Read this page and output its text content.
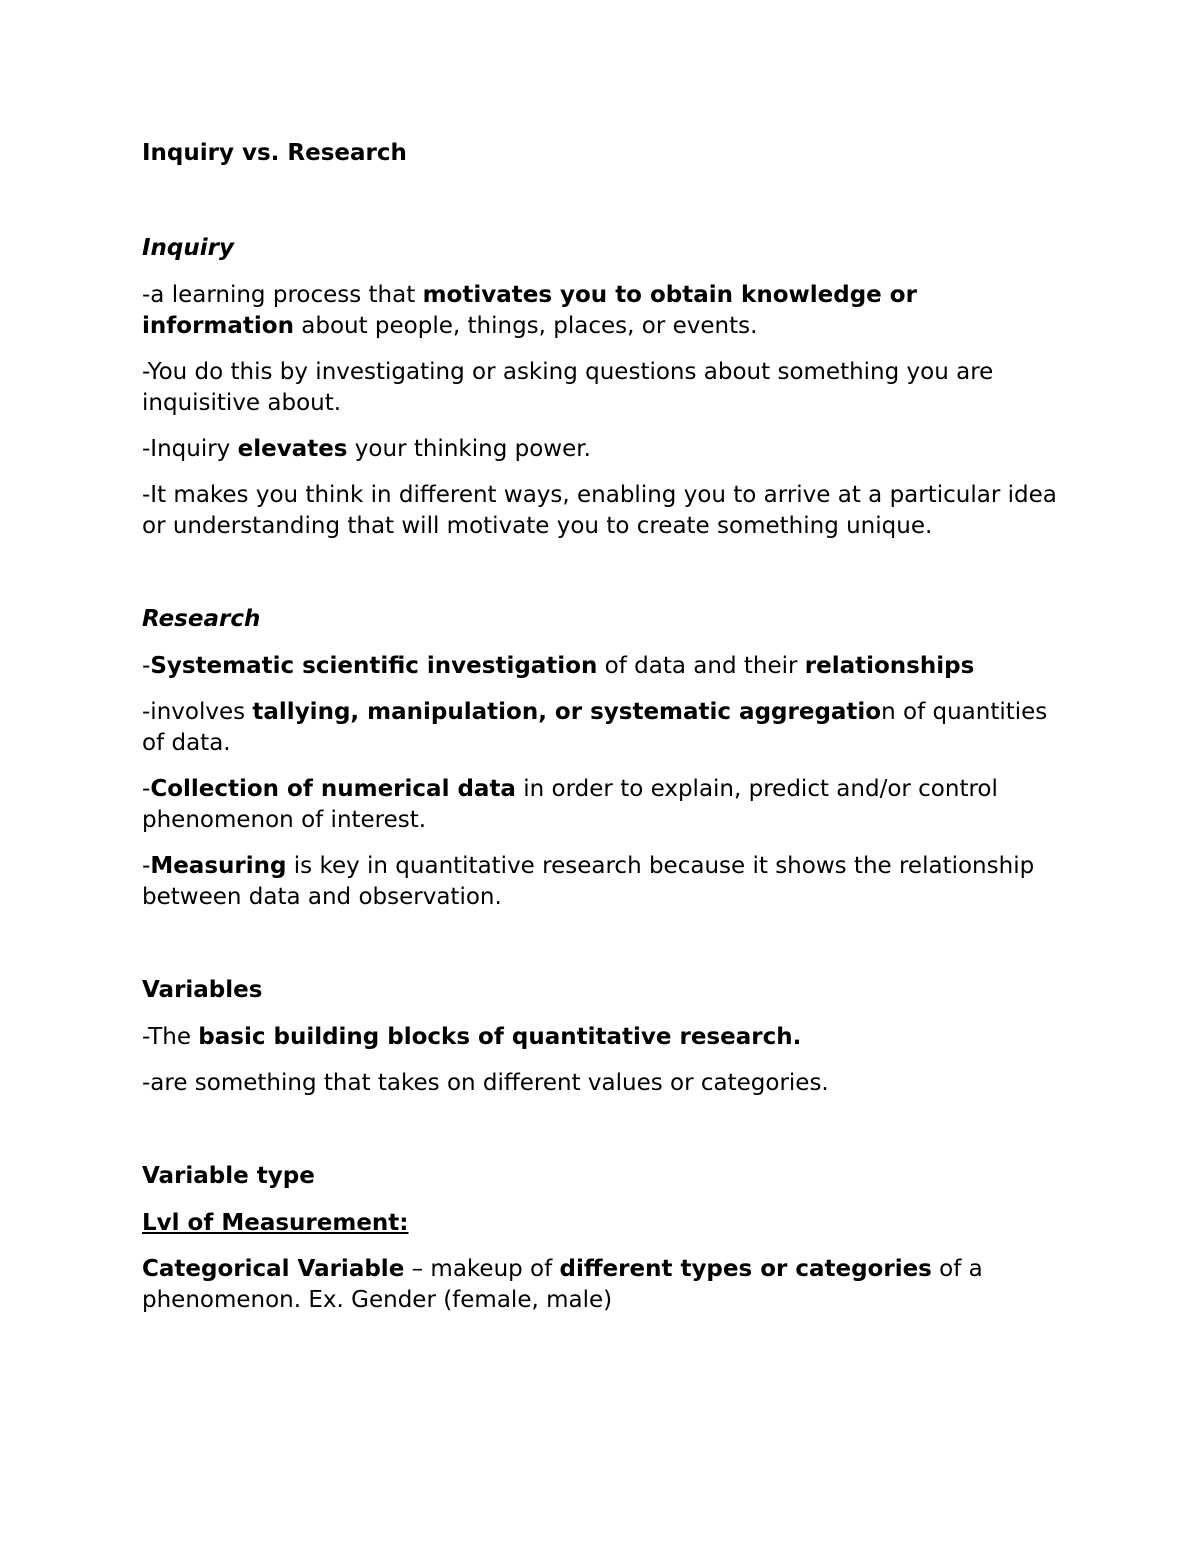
Inquiry vs. Research

Inquiry

-a learning process that motivates you to obtain knowledge or information about people, things, places, or events.

-You do this by investigating or asking questions about something you are inquisitive about.

-Inquiry elevates your thinking power.

-It makes you think in different ways, enabling you to arrive at a particular idea or understanding that will motivate you to create something unique.

Research

-Systematic scientific investigation of data and their relationships

-involves tallying, manipulation, or systematic aggregation of quantities of data.

-Collection of numerical data in order to explain, predict and/or control phenomenon of interest.

-Measuring is key in quantitative research because it shows the relationship between data and observation.

Variables

-The basic building blocks of quantitative research.

-are something that takes on different values or categories.

Variable type

Lvl of Measurement:

Categorical Variable – makeup of different types or categories of a phenomenon. Ex. Gender (female, male)
